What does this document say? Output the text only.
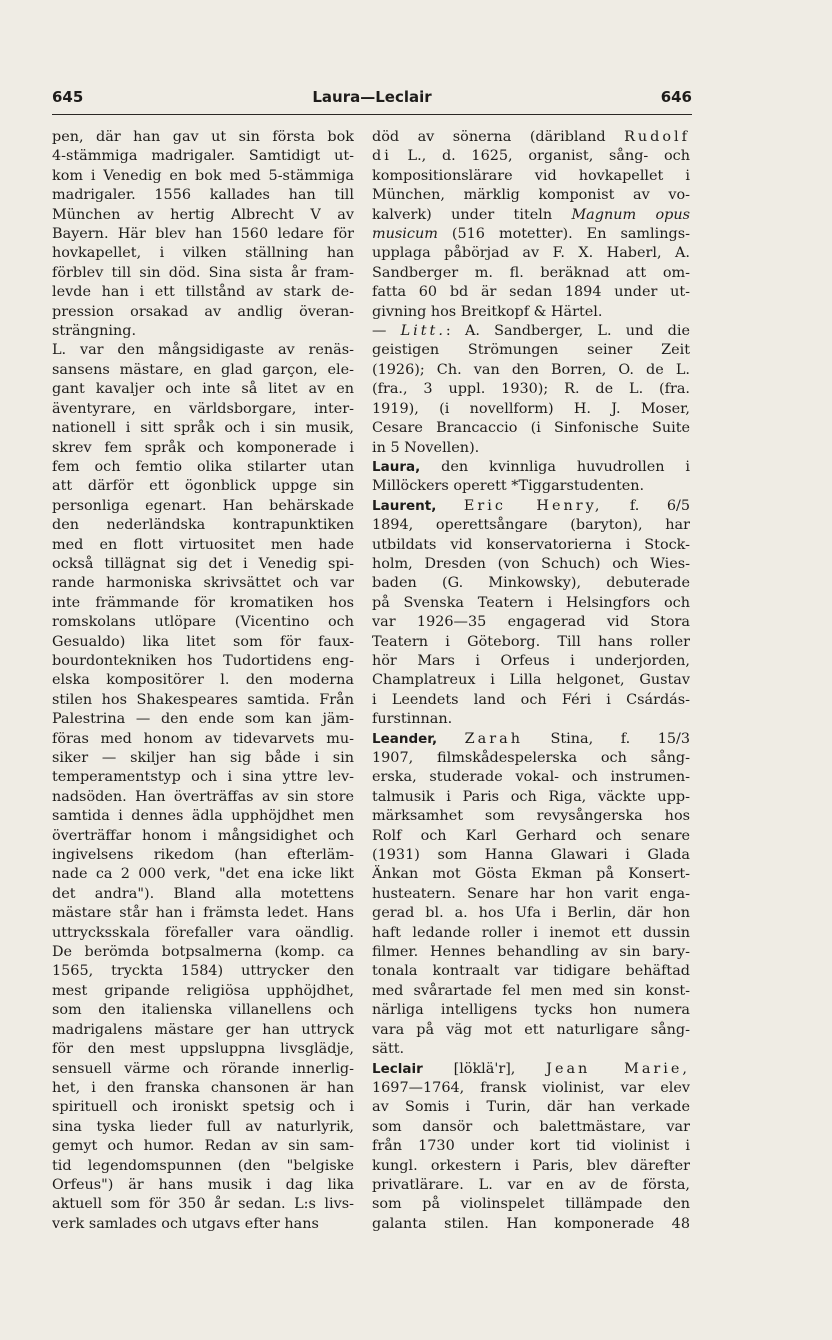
645	Laura—Leclair	646
pen, där han gav ut sin första bok
4-stämmiga madrigaler. Samtidigt ut-
kom i Venedig en bok med 5-stämmiga
madrigaler. 1556 kallades han till
München av hertig Albrecht V av
Bayern. Här blev han 1560 ledare för
hovkapellet, i vilken ställning han
förblev till sin död. Sina sista år fram-
levde han i ett tillstånd av stark de-
pression orsakad av andlig överan-
strängning.
L. var den mångsidigaste av renäs-
sansens mästare, en glad garçon, ele-
gant kavaljer och inte så litet av en
äventyrare, en världsborgare, inter-
nationell i sitt språk och i sin musik,
skrev fem språk och komponerade i
fem och femtio olika stilarter utan
att därför ett ögonblick uppge sin
personliga egenart. Han behärskade
den nederländska kontrapunktiken
med en flott virtuositet men hade
också tillägnat sig det i Venedig spi-
rande harmoniska skrivsättet och var
inte främmande för kromatiken hos
romskolans utlöpare (Vicentino och
Gesualdo) lika litet som för faux-
bourdontekniken hos Tudortidens eng-
elska kompositörer l. den moderna
stilen hos Shakespeares samtida. Från
Palestrina — den ende som kan jäm-
föras med honom av tidevarvets mu-
siker — skiljer han sig både i sin
temperamentstyp och i sina yttre lev-
nadsöden. Han överträffas av sin store
samtida i dennes ädla upphöjdhet men
överträffar honom i mångsidighet och
ingivelsens rikedom (han efterläm-
nade ca 2 000 verk, "det ena icke likt
det andra"). Bland alla motettens
mästare står han i främsta ledet. Hans
uttrycksskala förefaller vara oändlig.
De berömda botpsalmerna (komp. ca
1565, tryckta 1584) uttrycker den
mest gripande religiösa upphöjdhet,
som den italienska villanellens och
madrigalens mästare ger han uttryck
för den mest uppsluppna livsglädje,
sensuell värme och rörande innerlig-
het, i den franska chansonen är han
spirituell och ironiskt spetsig och i
sina tyska lieder full av naturlyrik,
gemyt och humor. Redan av sin sam-
tid legendomspunnen (den "belgiske
Orfeus") är hans musik i dag lika
aktuell som för 350 år sedan. L:s livs-
verk samlades och utgavs efter hans
död av sönerna (däribland Rudolf
di L., d. 1625, organist, sång- och
kompositionslärare vid hovkapellet i
München, märklig komponist av vo-
kalverk) under titeln Magnum opus
musicum (516 motetter). En samlings-
upplaga påbörjad av F. X. Haberl, A.
Sandberger m. fl. beräknad att om-
fatta 60 bd är sedan 1894 under ut-
givning hos Breitkopf & Härtel.
— Litt.: A. Sandberger, L. und die
geistigen Strömungen seiner Zeit
(1926); Ch. van den Borren, O. de L.
(fra., 3 uppl. 1930); R. de L. (fra.
1919), (i novellform) H. J. Moser,
Cesare Brancaccio (i Sinfonische Suite
in 5 Novellen).
Laura, den kvinnliga huvudrollen i
Millöckers operett *Tiggarstudenten.
Laurent, Eric Henry, f. 6/5
1894, operettsångare (baryton), har
utbildats vid konservatorierna i Stock-
holm, Dresden (von Schuch) och Wies-
baden (G. Minkowsky), debuterade
på Svenska Teatern i Helsingfors och
var 1926—35 engagerad vid Stora
Teatern i Göteborg. Till hans roller
hör Mars i Orfeus i underjorden,
Champlatreux i Lilla helgonet, Gustav
i Leendets land och Féri i Csárdás-
furstinnan.
Leander, Zarah Stina, f. 15/3
1907, filmskådespelerska och sång-
erska, studerade vokal- och instrumen-
talmusik i Paris och Riga, väckte upp-
märksamhet som revysångerska hos
Rolf och Karl Gerhard och senare
(1931) som Hanna Glawari i Glada
Änkan mot Gösta Ekman på Konsert-
husteatern. Senare har hon varit enga-
gerad bl. a. hos Ufa i Berlin, där hon
haft ledande roller i inemot ett dussin
filmer. Hennes behandling av sin bary-
tonala kontraalt var tidigare behäftad
med svårartade fel men med sin konst-
närliga intelligens tycks hon numera
vara på väg mot ett naturligare sång-
sätt.
Leclair [löklä'r], Jean Marie,
1697—1764, fransk violinist, var elev
av Somis i Turin, där han verkade
som dansör och balettmästare, var
från 1730 under kort tid violinist i
kungl. orkestern i Paris, blev därefter
privatlärare. L. var en av de första,
som på violinspelet tillämpade den
galanta stilen. Han komponerade 48
